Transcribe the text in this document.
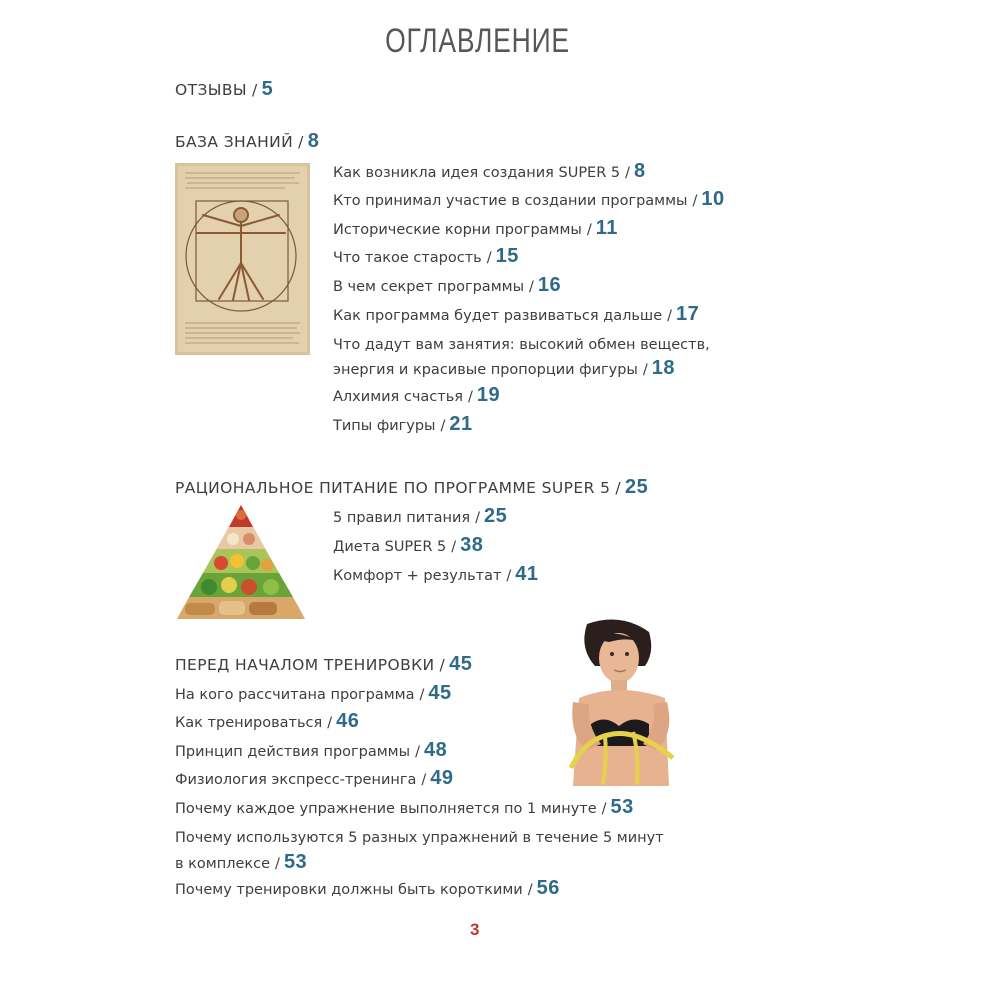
ОГЛАВЛЕНИЕ
ОТЗЫВЫ / 5
БАЗА ЗНАНИЙ / 8
Как возникла идея создания SUPER 5 / 8
Кто принимал участие в создании программы / 10
Исторические корни программы / 11
Что такое старость / 15
В чем секрет программы / 16
Как программа будет развиваться дальше / 17
Что дадут вам занятия: высокий обмен веществ,
энергия и красивые пропорции фигуры / 18
Алхимия счастья / 19
Типы фигуры / 21
РАЦИОНАЛЬНОЕ ПИТАНИЕ ПО ПРОГРАММЕ SUPER 5 / 25
5 правил питания / 25
Диета SUPER 5 / 38
Комфорт + результат / 41
ПЕРЕД НАЧАЛОМ ТРЕНИРОВКИ / 45
На кого рассчитана программа / 45
Как тренироваться / 46
Принцип действия программы / 48
Физиология экспресс-тренинга / 49
Почему каждое упражнение выполняется по 1 минуте / 53
Почему используются 5 разных упражнений в течение 5 минут
в комплексе / 53
Почему тренировки должны быть короткими / 56
3
